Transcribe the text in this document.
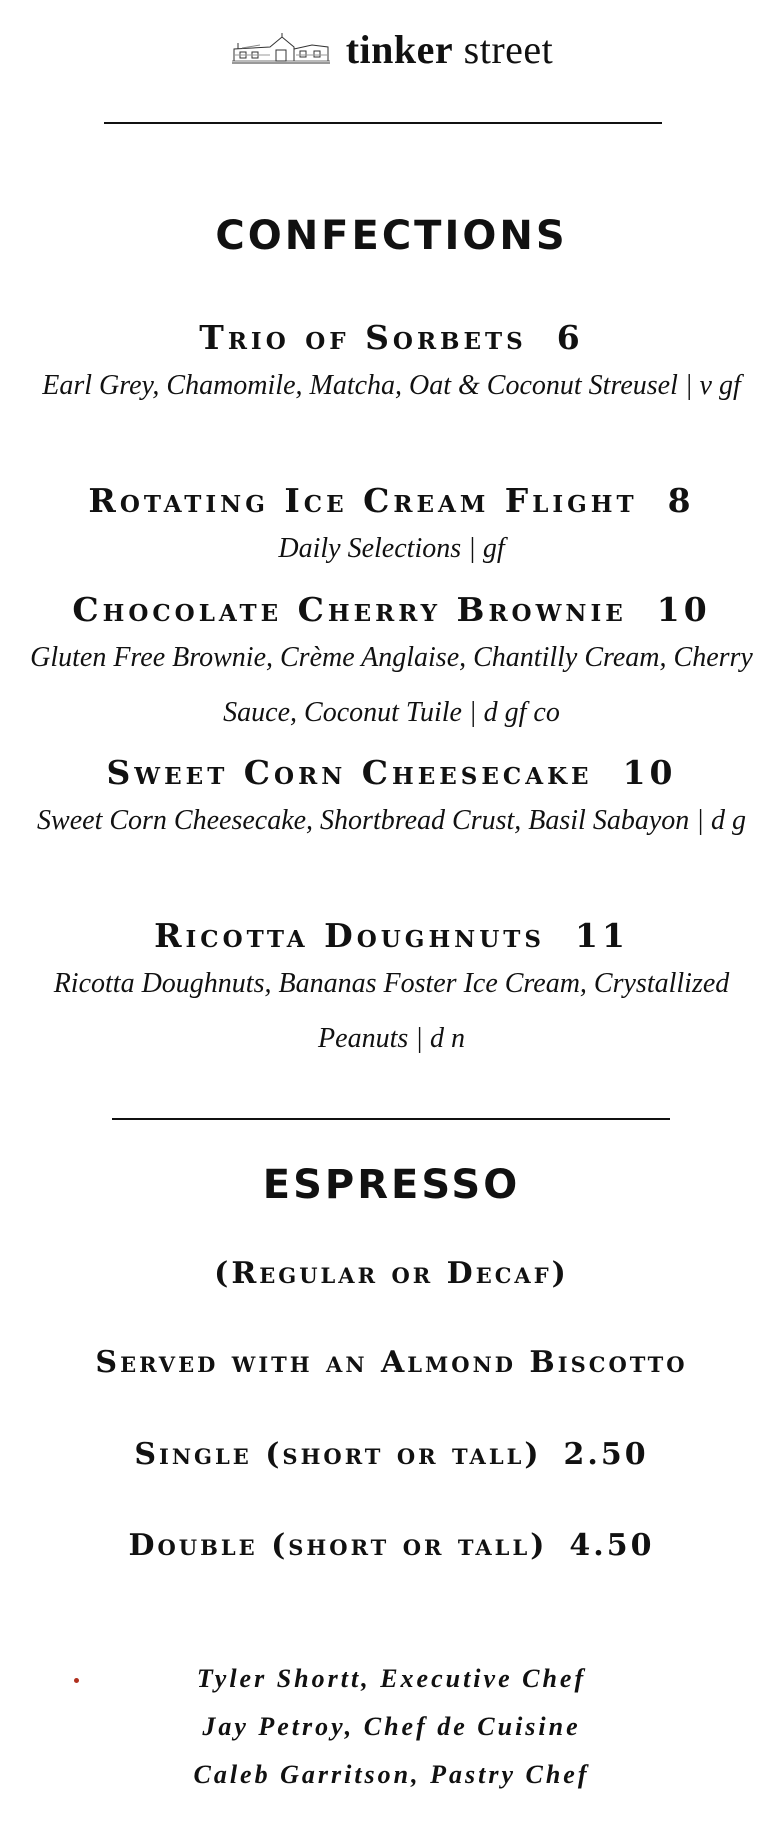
tinker street
CONFECTIONS
Trio of Sorbets 6
Earl Grey, Chamomile, Matcha, Oat & Coconut Streusel | v gf
Rotating Ice Cream Flight 8
Daily Selections | gf
Chocolate Cherry Brownie 10
Gluten Free Brownie, Crème Anglaise, Chantilly Cream, Cherry Sauce, Coconut Tuile | d gf co
Sweet Corn Cheesecake 10
Sweet Corn Cheesecake, Shortbread Crust, Basil Sabayon | d g
Ricotta Doughnuts 11
Ricotta Doughnuts, Bananas Foster Ice Cream, Crystallized Peanuts | d n
ESPRESSO
(Regular or Decaf)
Served with an Almond Biscotto
Single (short or tall) 2.50
Double (short or tall) 4.50
Tyler Shortt, Executive Chef
Jay Petroy, Chef de Cuisine
Caleb Garritson, Pastry Chef
